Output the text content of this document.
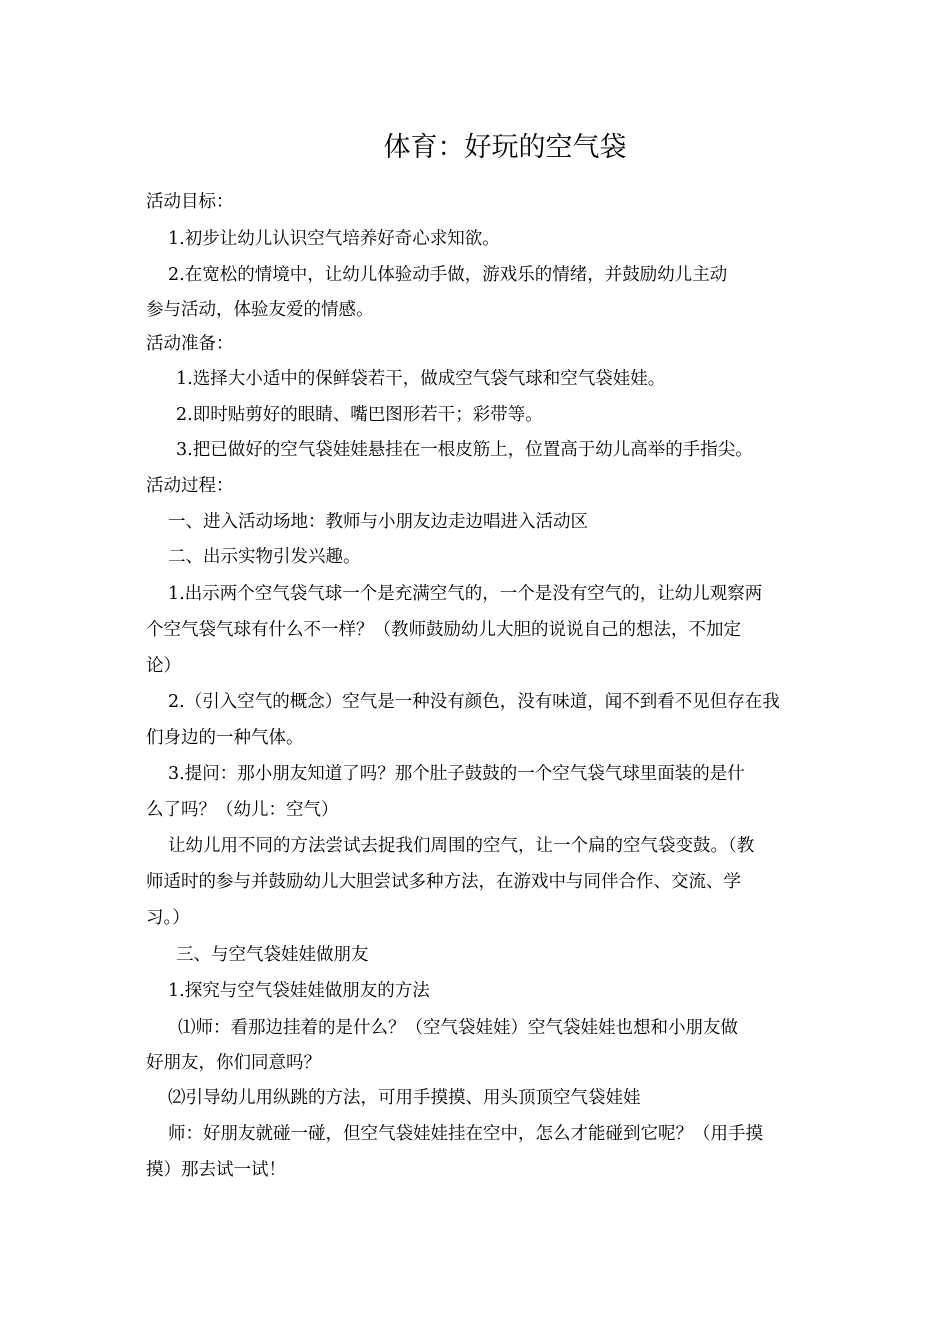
体育：好玩的空气袋
活动目标：
1.初步让幼儿认识空气培养好奇心求知欲。
2.在宽松的情境中，让幼儿体验动手做，游戏乐的情绪，并鼓励幼儿主动
参与活动，体验友爱的情感。
活动准备：
1.选择大小适中的保鲜袋若干，做成空气袋气球和空气袋娃娃。
2.即时贴剪好的眼睛、嘴巴图形若干；彩带等。
3.把已做好的空气袋娃娃悬挂在一根皮筋上，位置高于幼儿高举的手指尖。
活动过程：
一、进入活动场地：教师与小朋友边走边唱进入活动区
二、出示实物引发兴趣。
1.出示两个空气袋气球一个是充满空气的，一个是没有空气的，让幼儿观察两
个空气袋气球有什么不一样？（教师鼓励幼儿大胆的说说自己的想法，不加定
论）
2.（引入空气的概念）空气是一种没有颜色，没有味道，闻不到看不见但存在我
们身边的一种气体。
3.提问：那小朋友知道了吗？那个肚子鼓鼓的一个空气袋气球里面装的是什
么了吗？（幼儿：空气）
让幼儿用不同的方法尝试去捉我们周围的空气，让一个扁的空气袋变鼓。（教
师适时的参与并鼓励幼儿大胆尝试多种方法，在游戏中与同伴合作、交流、学
习。）
三、与空气袋娃娃做朋友
1.探究与空气袋娃娃做朋友的方法
⑴师：看那边挂着的是什么？（空气袋娃娃）空气袋娃娃也想和小朋友做
好朋友，你们同意吗？
⑵引导幼儿用纵跳的方法，可用手摸摸、用头顶顶空气袋娃娃
师：好朋友就碰一碰，但空气袋娃娃挂在空中，怎么才能碰到它呢？（用手摸
摸）那去试一试！
